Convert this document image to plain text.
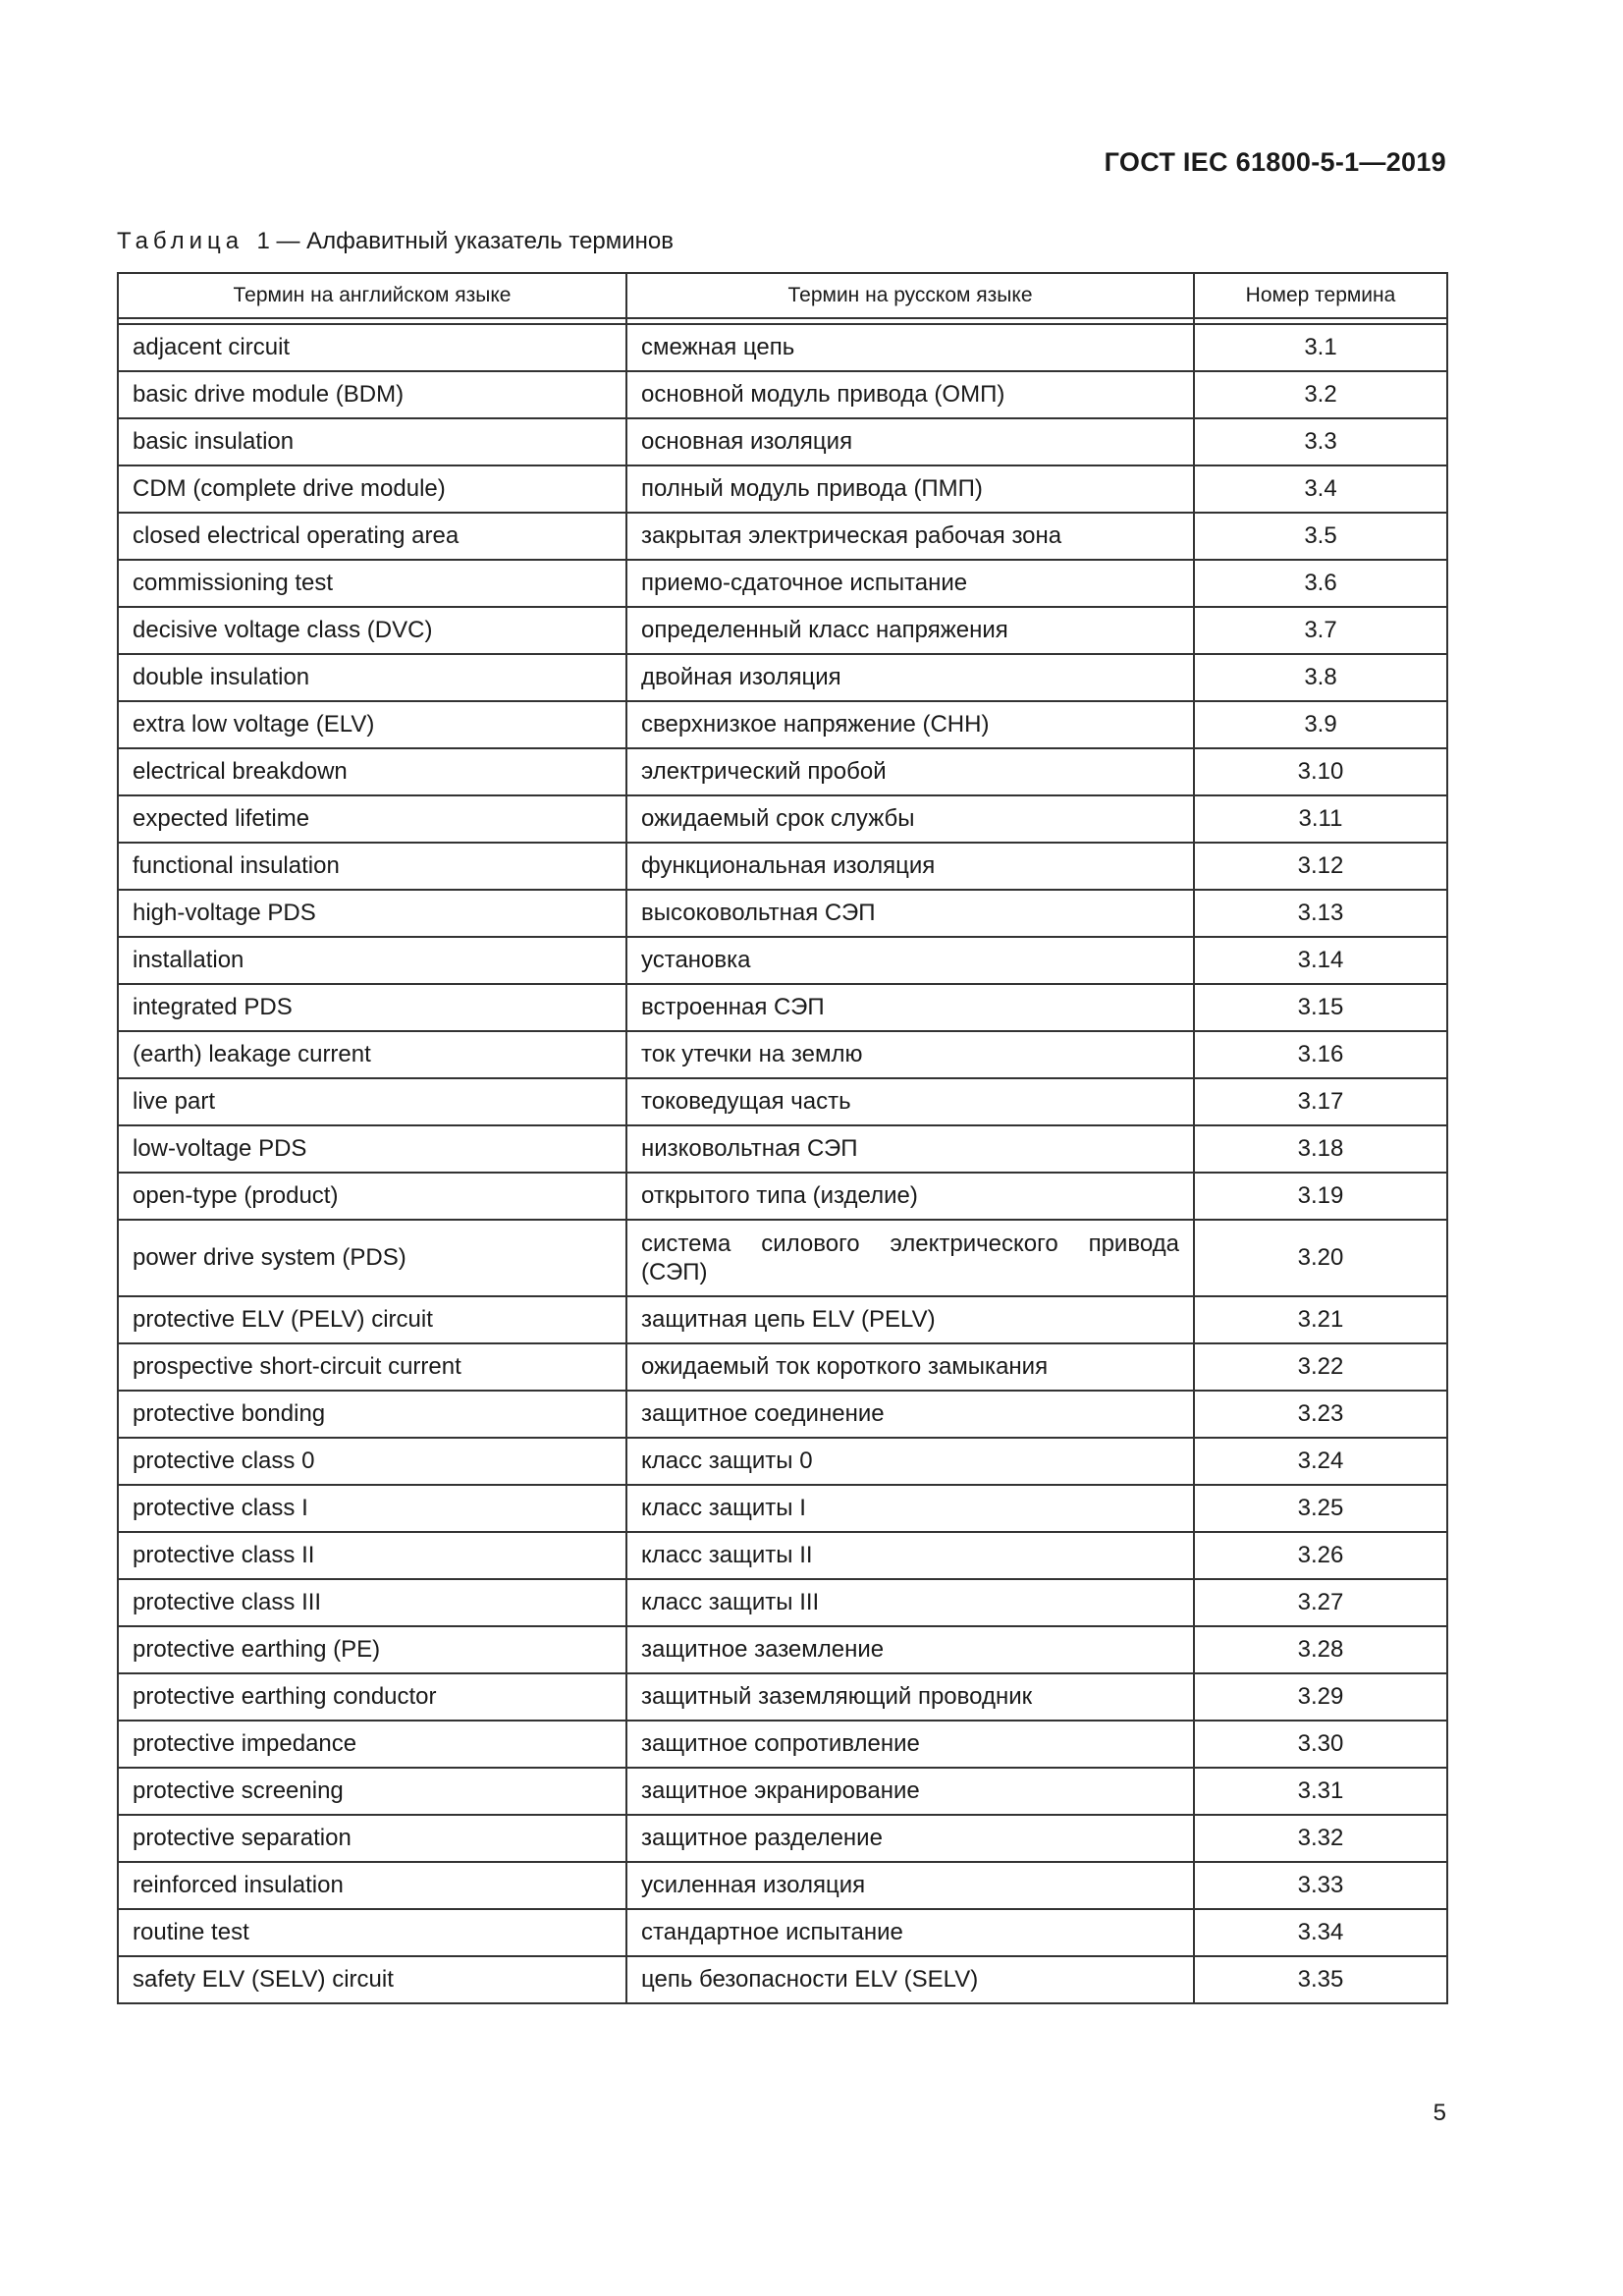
ГОСТ IEC 61800-5-1—2019
Таблица 1 — Алфавитный указатель терминов
Термин на английском языке	Термин на русском языке	Номер термина

adjacent circuit	смежная цепь	3.1
basic drive module (BDM)	основной модуль привода (ОМП)	3.2
basic insulation	основная изоляция	3.3
CDM (complete drive module)	полный модуль привода (ПМП)	3.4
closed electrical operating area	закрытая электрическая рабочая зона	3.5
commissioning test	приемо-сдаточное испытание	3.6
decisive voltage class (DVC)	определенный класс напряжения	3.7
double insulation	двойная изоляция	3.8
extra low voltage (ELV)	сверхнизкое напряжение (СНН)	3.9
electrical breakdown	электрический пробой	3.10
expected lifetime	ожидаемый срок службы	3.11
functional insulation	функциональная изоляция	3.12
high-voltage PDS	высоковольтная СЭП	3.13
installation	установка	3.14
integrated PDS	встроенная СЭП	3.15
(earth) leakage current	ток утечки на землю	3.16
live part	токоведущая часть	3.17
low-voltage PDS	низковольтная СЭП	3.18
open-type (product)	открытого типа (изделие)	3.19
power drive system (PDS)	система силового электрического привода (СЭП)	3.20
protective ELV (PELV) circuit	защитная цепь ELV (PELV)	3.21
prospective short-circuit current	ожидаемый ток короткого замыкания	3.22
protective bonding	защитное соединение	3.23
protective class 0	класс защиты 0	3.24
protective class I	класс защиты I	3.25
protective class II	класс защиты II	3.26
protective class III	класс защиты III	3.27
protective earthing (PE)	защитное заземление	3.28
protective earthing conductor	защитный заземляющий проводник	3.29
protective impedance	защитное сопротивление	3.30
protective screening	защитное экранирование	3.31
protective separation	защитное разделение	3.32
reinforced insulation	усиленная изоляция	3.33
routine test	стандартное испытание	3.34
safety ELV (SELV) circuit	цепь безопасности ELV (SELV)	3.35
5
